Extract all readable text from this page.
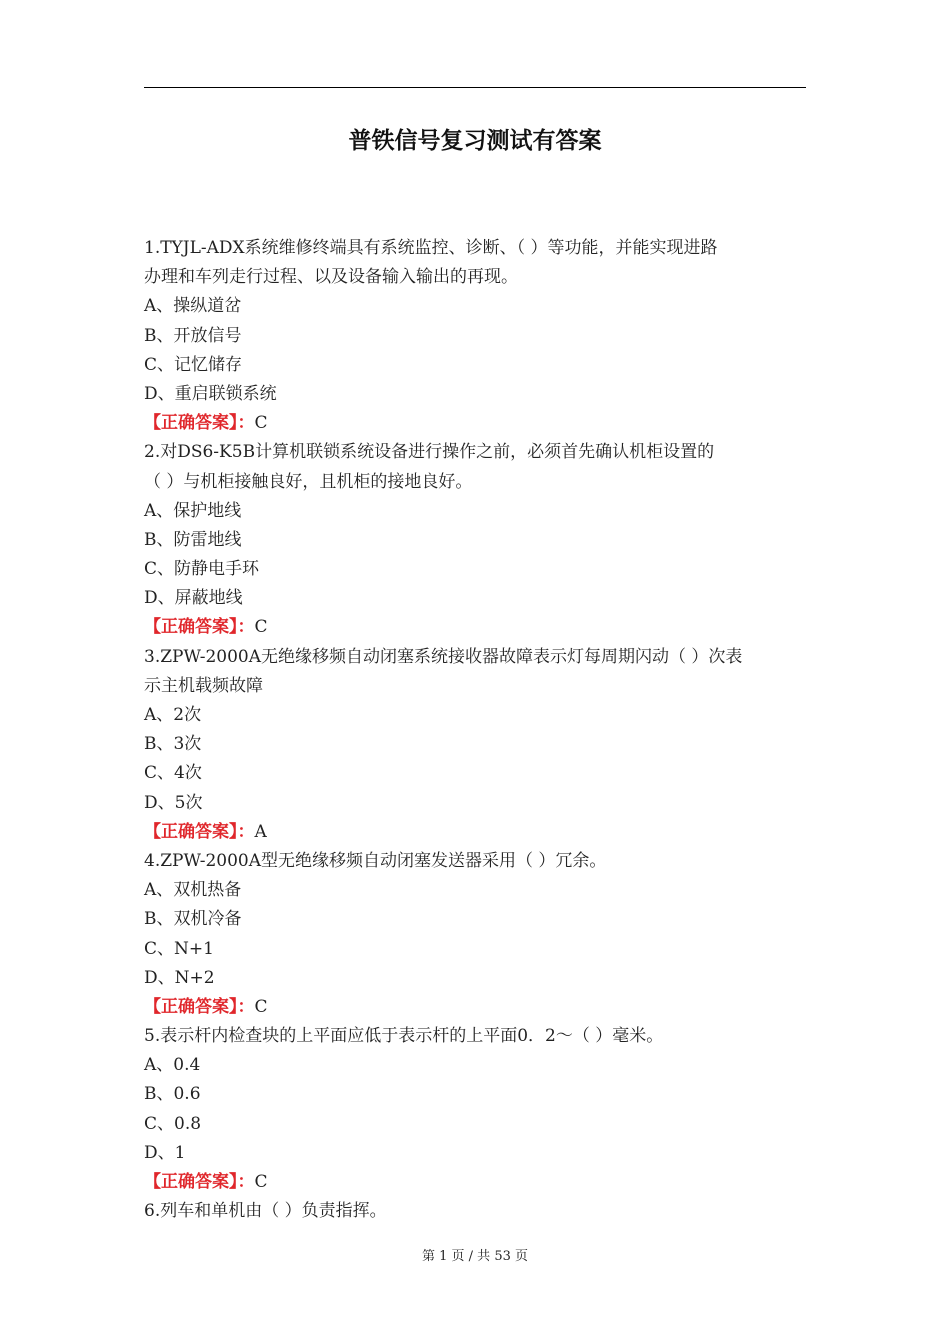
普铁信号复习测试有答案
1.TYJL-ADX系统维修终端具有系统监控、诊断、（ ）等功能，并能实现进路
办理和车列走行过程、以及设备输入输出的再现。
A、操纵道岔
B、开放信号
C、记忆储存
D、重启联锁系统
【正确答案】：C
2.对DS6-K5B计算机联锁系统设备进行操作之前，必须首先确认机柜设置的
（ ）与机柜接触良好，且机柜的接地良好。
A、保护地线
B、防雷地线
C、防静电手环
D、屏蔽地线
【正确答案】：C
3.ZPW-2000A无绝缘移频自动闭塞系统接收器故障表示灯每周期闪动（ ）次表
示主机载频故障
A、2次
B、3次
C、4次
D、5次
【正确答案】：A
4.ZPW-2000A型无绝缘移频自动闭塞发送器采用（ ）冗余。
A、双机热备
B、双机冷备
C、N+1
D、N+2
【正确答案】：C
5.表示杆内检查块的上平面应低于表示杆的上平面0．2～（ ）毫米。
A、0.4
B、0.6
C、0.8
D、1
【正确答案】：C
6.列车和单机由（ ）负责指挥。
第 1 页 / 共 53 页
